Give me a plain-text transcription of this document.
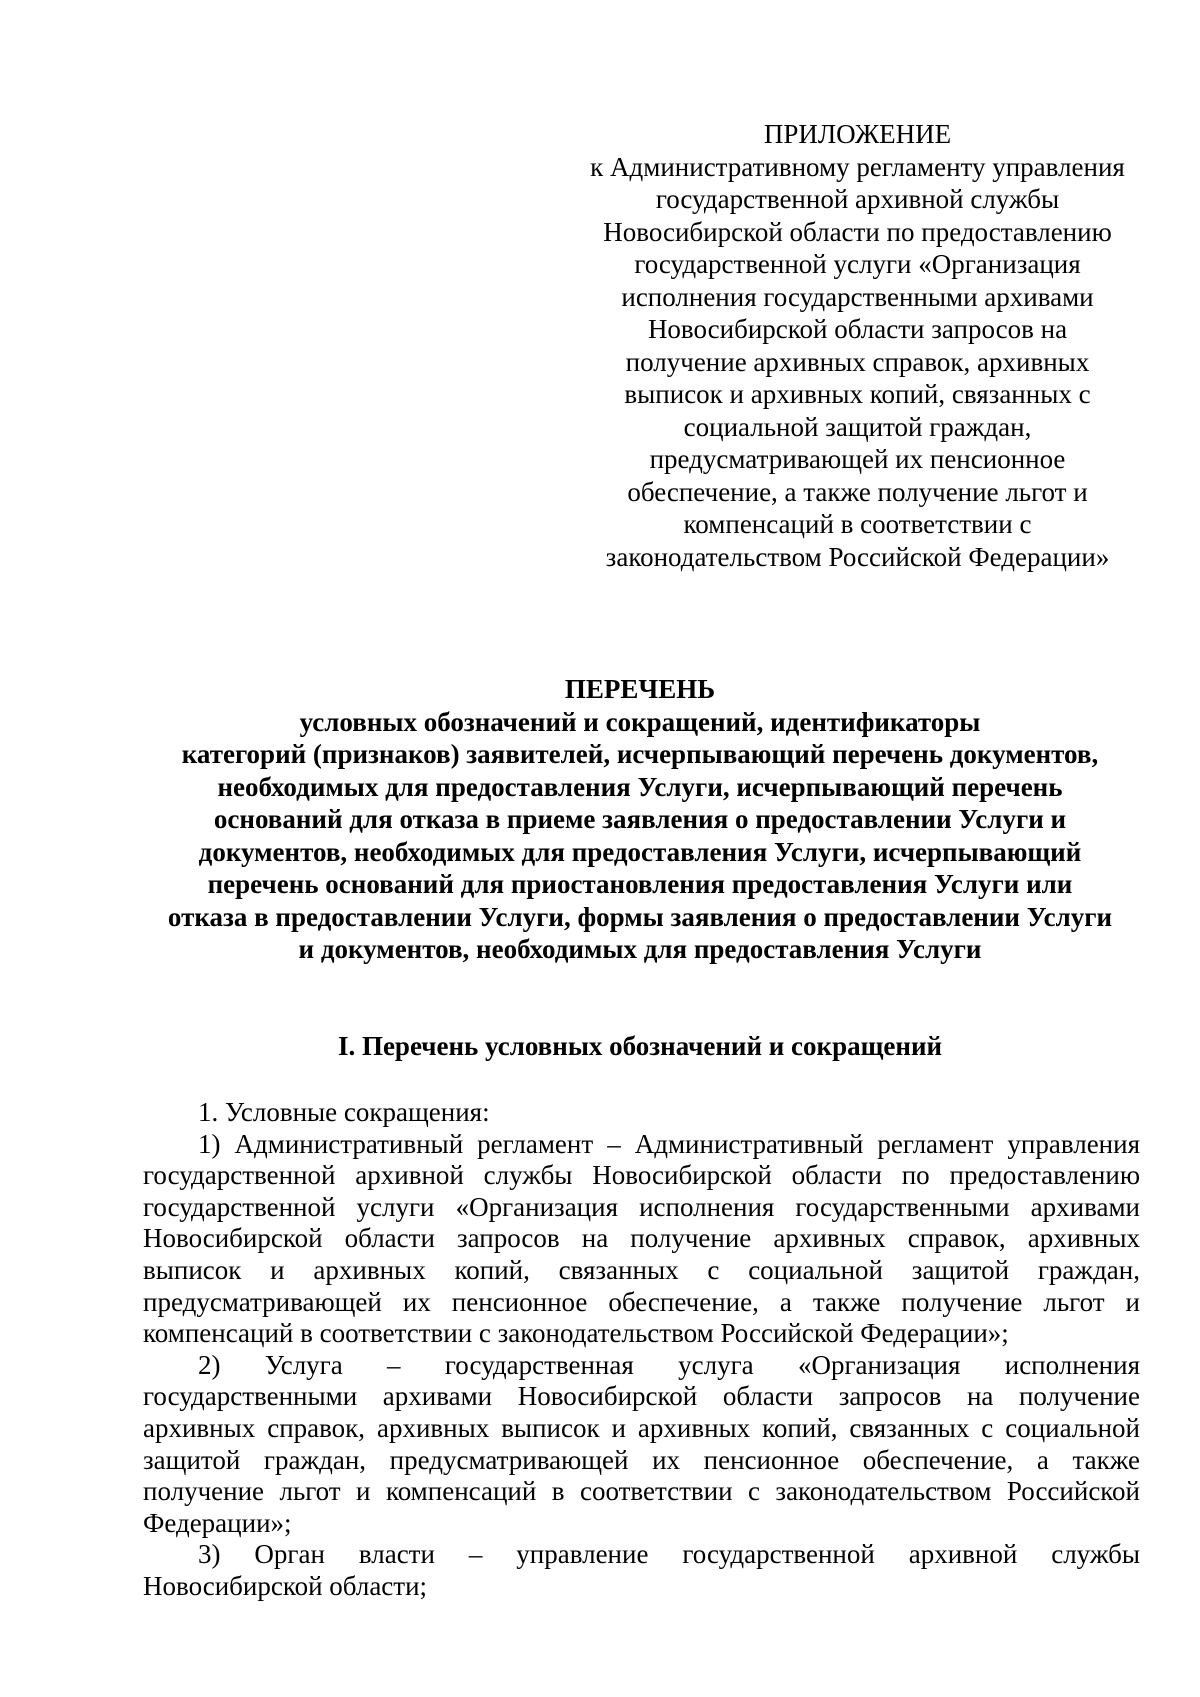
ПРИЛОЖЕНИЕ
к Административному регламенту управления
государственной архивной службы
Новосибирской области по предоставлению
государственной услуги «Организация
исполнения государственными архивами
Новосибирской области запросов на
получение архивных справок, архивных
выписок и архивных копий, связанных с
социальной защитой граждан,
предусматривающей их пенсионное
обеспечение, а также получение льгот и
компенсаций в соответствии с
законодательством Российской Федерации»
ПЕРЕЧЕНЬ
условных обозначений и сокращений, идентификаторы
категорий (признаков) заявителей, исчерпывающий перечень документов,
необходимых для предоставления Услуги, исчерпывающий перечень
оснований для отказа в приеме заявления о предоставлении Услуги и
документов, необходимых для предоставления Услуги, исчерпывающий
перечень оснований для приостановления предоставления Услуги или
отказа в предоставлении Услуги, формы заявления о предоставлении Услуги
и документов, необходимых для предоставления Услуги
I. Перечень условных обозначений и сокращений
1. Условные сокращения:
1) Административный регламент – Административный регламент управления
государственной архивной службы Новосибирской области по предоставлению
государственной услуги «Организация исполнения государственными архивами
Новосибирской области запросов на получение архивных справок, архивных
выписок и архивных копий, связанных с социальной защитой граждан,
предусматривающей их пенсионное обеспечение, а также получение льгот и
компенсаций в соответствии с законодательством Российской Федерации»;
2) Услуга – государственная услуга «Организация исполнения
государственными архивами Новосибирской области запросов на получение
архивных справок, архивных выписок и архивных копий, связанных с социальной
защитой граждан, предусматривающей их пенсионное обеспечение, а также
получение льгот и компенсаций в соответствии с законодательством Российской
Федерации»;
3) Орган власти – управление государственной архивной службы
Новосибирской области;
